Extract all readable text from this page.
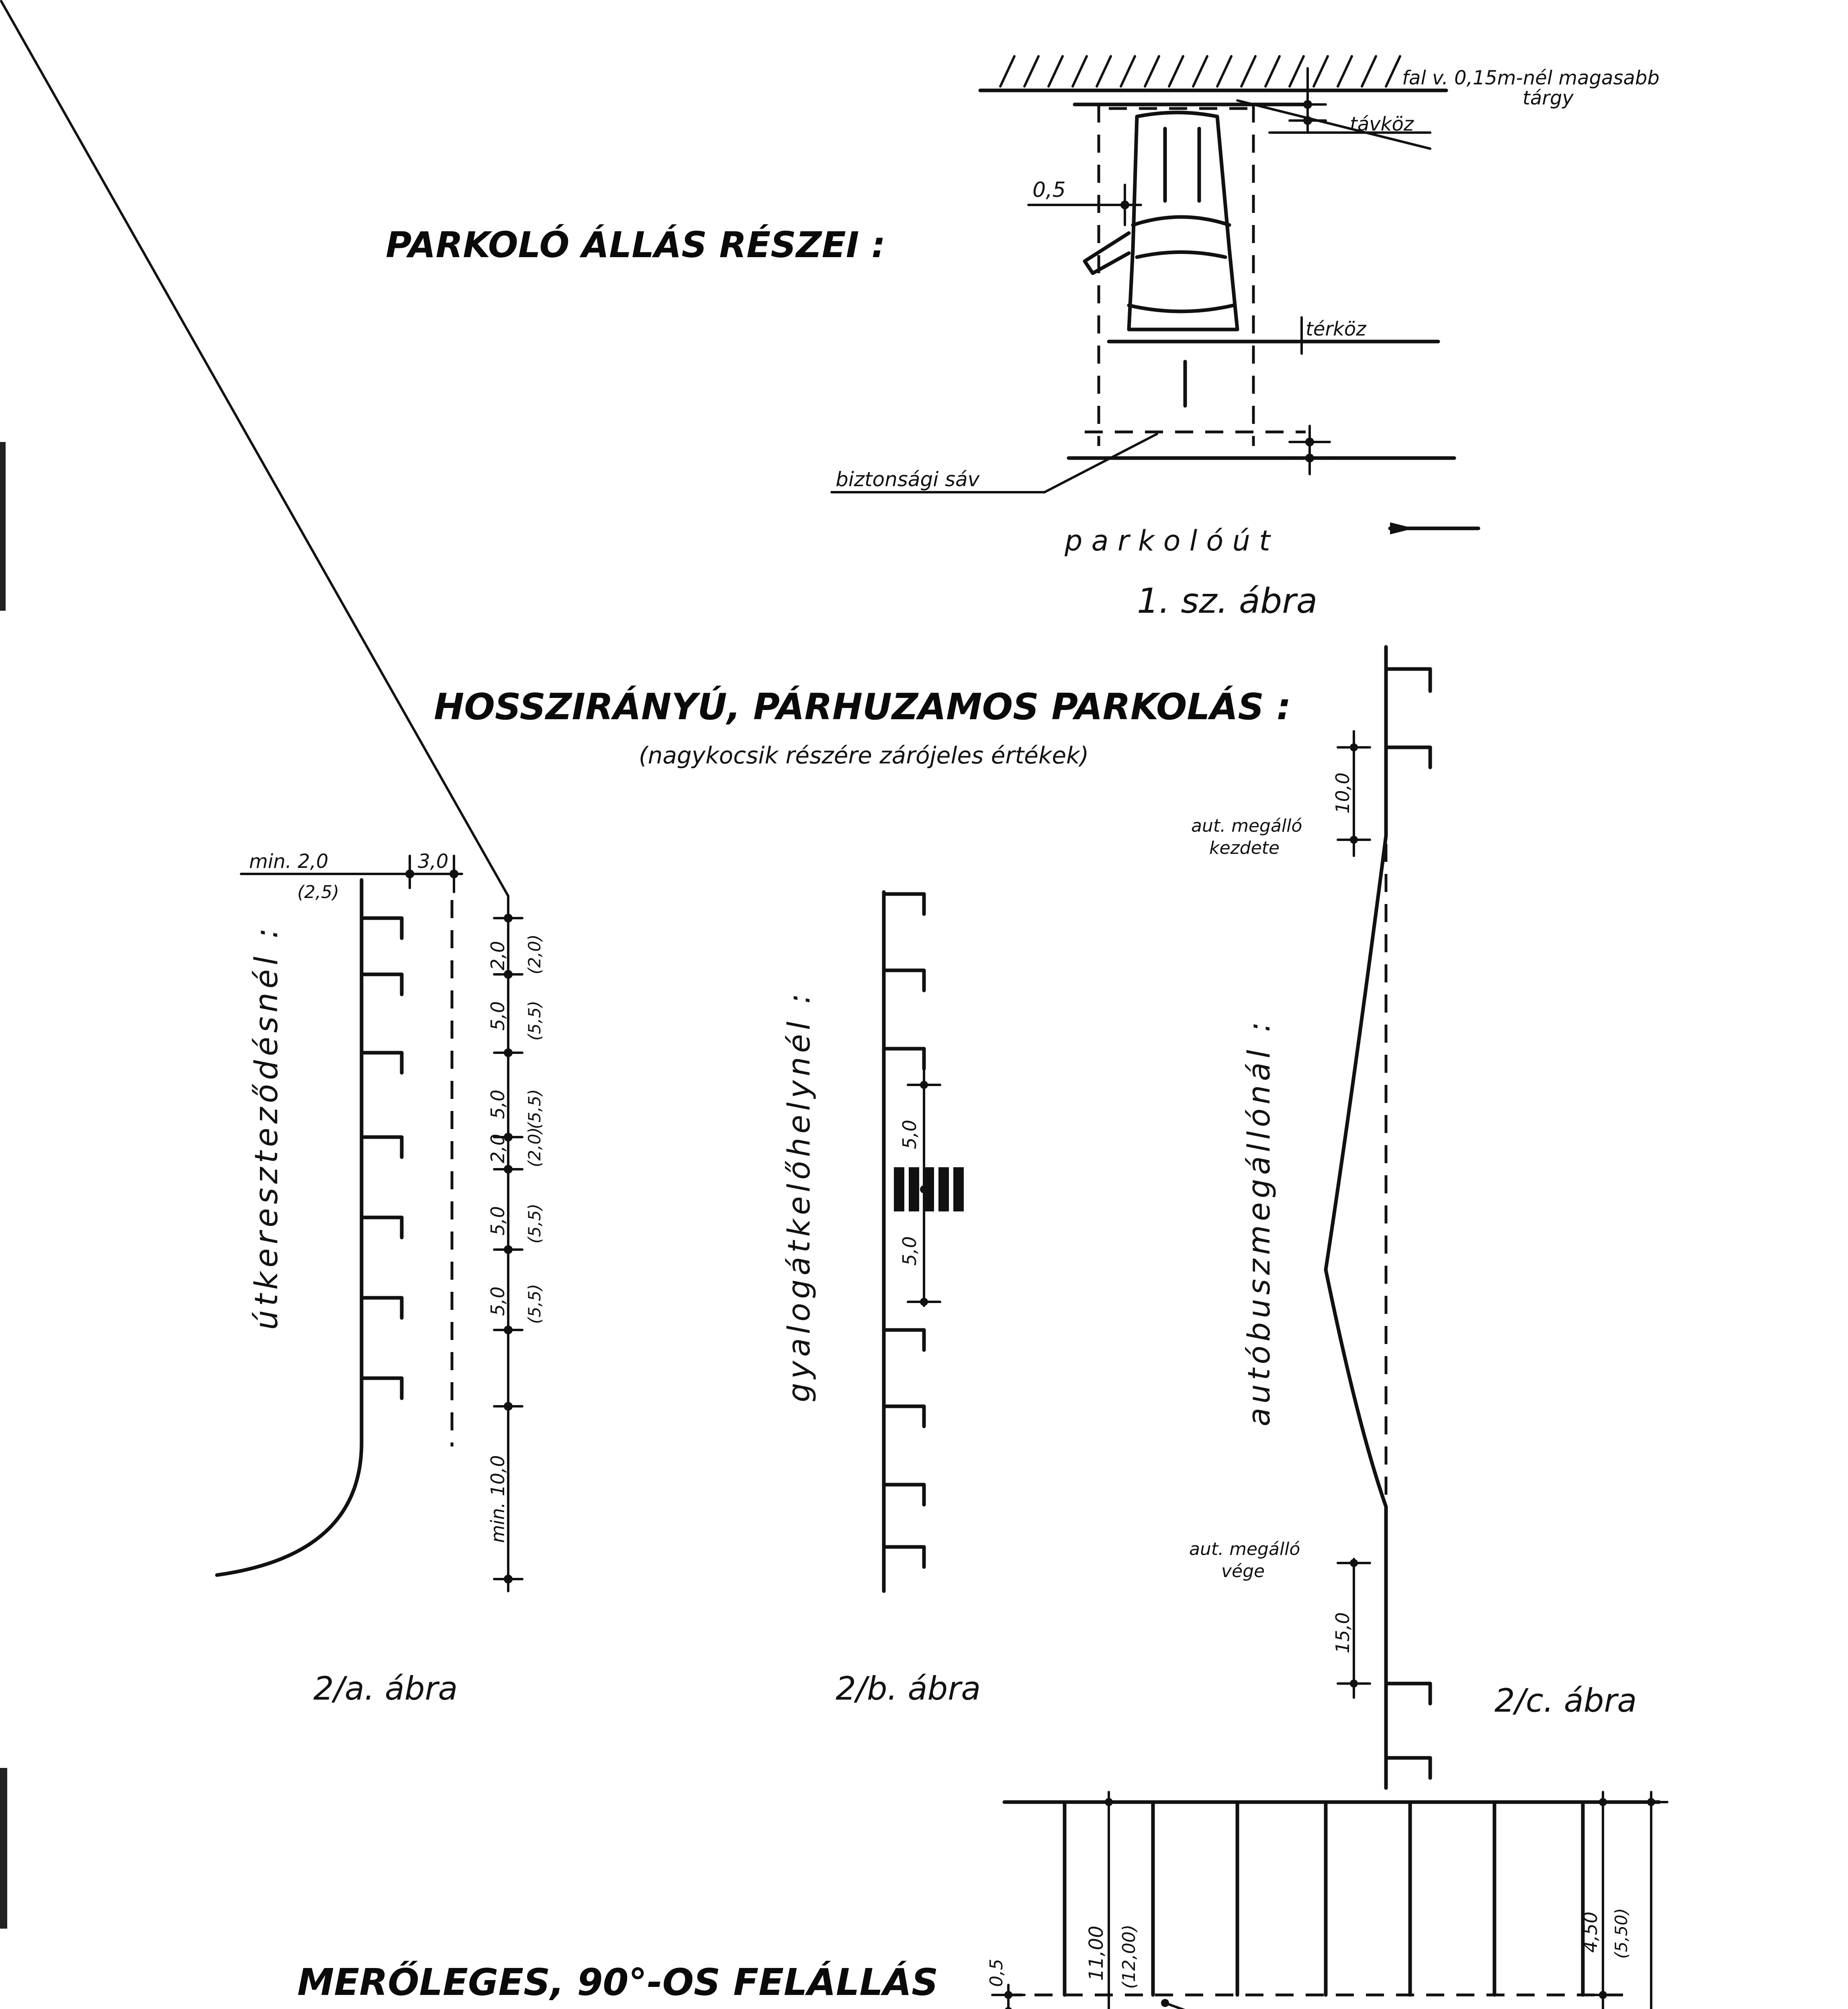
PARKOLÓ ÁLLÁS RÉSZEI :
fal v. 0,15m-nél magasabb
tárgy
távköz
0,5
térköz
biztonsági sáv
p a r k o l ó ú t
1. sz. ábra
HOSSZIRÁNYÚ, PÁRHUZAMOS PARKOLÁS :
(nagykocsik részére zárójeles értékek)
min. 2,0
(2,5)
3,0
2,0 (2,0)
5,0 (5,5)
5,0 (5,5)
2,0 (2,0)
5,0 (5,5)
5,0 (5,5)
min. 10,0
útkereszteződésnél :
2/a. ábra
5,0
5,0
gyalogátkelőhelynél :
2/b. ábra
10,0
aut. megálló
kezdete
aut. megálló
vége
15,0
autóbuszmegállónál :
2/c. ábra
MERŐLEGES, 90°-OS FELÁLLÁS	0,5	11,00 (12,00)	4,50 (5,50)
